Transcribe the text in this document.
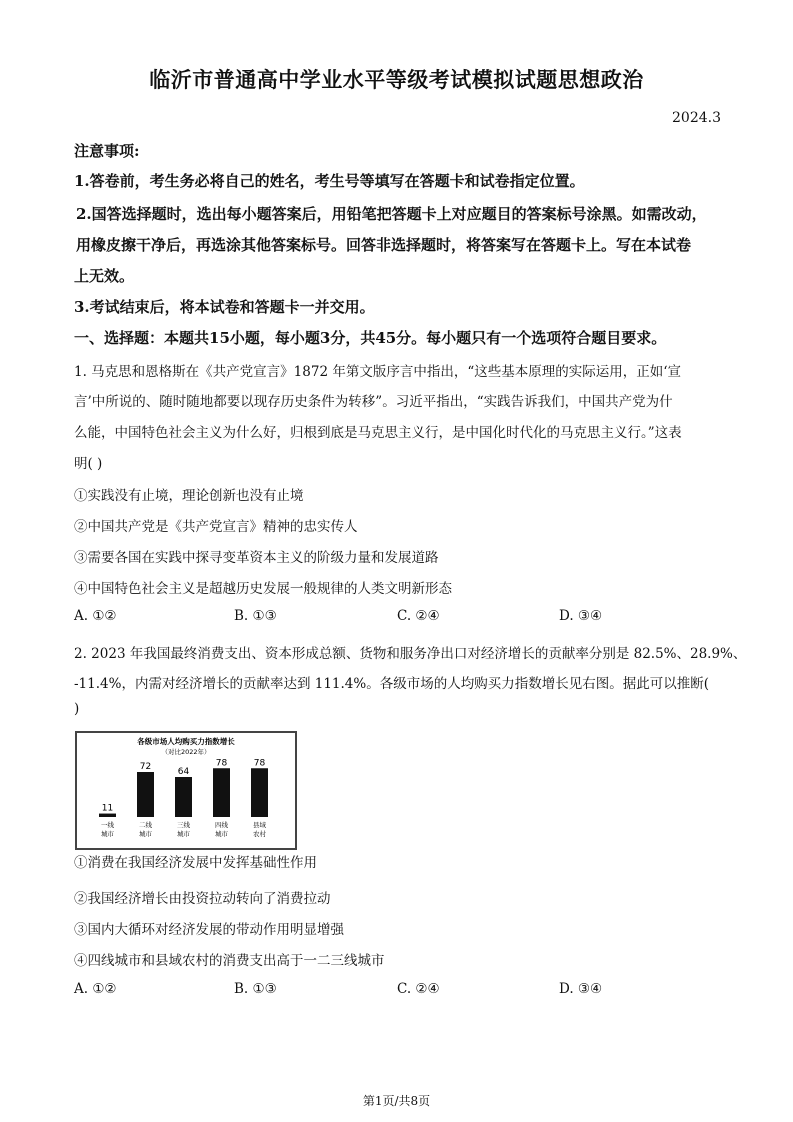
临沂市普通高中学业水平等级考试模拟试题思想政治
2024.3
注意事项:
1.答卷前，考生务必将自己的姓名，考生号等填写在答题卡和试卷指定位置。
2.国答选择题时，选出每小题答案后，用铅笔把答题卡上对应题目的答案标号涂黑。如需改动，
用橡皮擦干净后，再选涂其他答案标号。回答非选择题时，将答案写在答题卡上。写在本试卷
上无效。
3.考试结束后，将本试卷和答题卡一并交用。
一、选择题：本题共15小题，每小题3分，共45分。每小题只有一个选项符合题目要求。
1. 马克思和恩格斯在《共产党宣言》1872 年第文版序言中指出，“这些基本原理的实际运用，正如‘宣
言’中所说的、随时随地都要以现存历史条件为转移”。习近平指出，“实践告诉我们，中国共产党为什
么能，中国特色社会主义为什么好，归根到底是马克思主义行，是中国化时代化的马克思主义行。”这表
明( )
①实践没有止境，理论创新也没有止境
②中国共产党是《共产党宣言》精神的忠实传人
③需要各国在实践中探寻变革资本主义的阶级力量和发展道路
④中国特色社会主义是超越历史发展一般规律的人类文明新形态
A. ①②	B. ①③	C. ②④	D. ③④
2. 2023 年我国最终消费支出、资本形成总额、货物和服务净出口对经济增长的贡献率分别是 82.5%、28.9%、
-11.4%，内需对经济增长的贡献率达到 111.4%。各级市场的人均购买力指数增长见右图。据此可以推断(
)
各级市场人均购买力指数增长
（对比2022年）
11
一线
城市
72
二线
城市
64
三线
城市
78
四线
城市
78
县域
农村
①消费在我国经济发展中发挥基础性作用
②我国经济增长由投资拉动转向了消费拉动
③国内大循环对经济发展的带动作用明显增强
④四线城市和县域农村的消费支出高于一二三线城市
A. ①②	B. ①③	C. ②④	D. ③④
第1页/共8页
